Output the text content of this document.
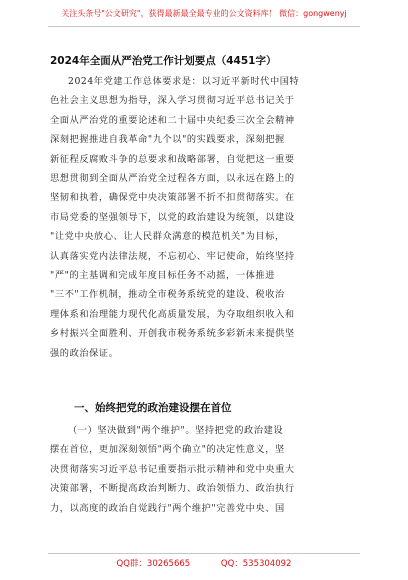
关注头条号"公文研究"，获得最新最全最专业的公文资料库！ 微信：gongwenyj
2024年全面从严治党工作计划要点（4451字）
2024年党建工作总体要求是：以习近平新时代中国特
色社会主义思想为指导，深入学习贯彻习近平总书记关于
全面从严治党的重要论述和二十届中央纪委三次全会精神
深刻把握推进自我革命"九个以"的实践要求，深刻把握
新征程反腐败斗争的总要求和战略部署，自觉把这一重要
思想贯彻到全面从严治党全过程各方面，以永远在路上的
坚韧和执着，确保党中央决策部署不折不扣贯彻落实。在
市局党委的坚强领导下，以党的政治建设为统领，以建设
"让党中央放心、让人民群众满意的模范机关"为目标，
认真落实党内法律法规，不忘初心、牢记使命，始终坚持
"严"的主基调和完成年度目标任务不动摇，一体推进
"三不"工作机制，推动全市税务系统党的建设、税收治
理体系和治理能力现代化高质量发展，为夺取组织收入和
乡村振兴全面胜利、开创我市税务系统多彩新未来提供坚
强的政治保证。
一、始终把党的政治建设摆在首位
（一）坚决做到"两个维护"。坚持把党的政治建设
摆在首位，更加深刻领悟"两个确立"的决定性意义，坚
决贯彻落实习近平总书记重要指示批示精神和党中央重大
决策部署，不断提高政治判断力、政治领悟力、政治执行
力，以高度的政治自觉践行"两个维护"完善党中央、国
QQ群：30265665	QQ：535304092
